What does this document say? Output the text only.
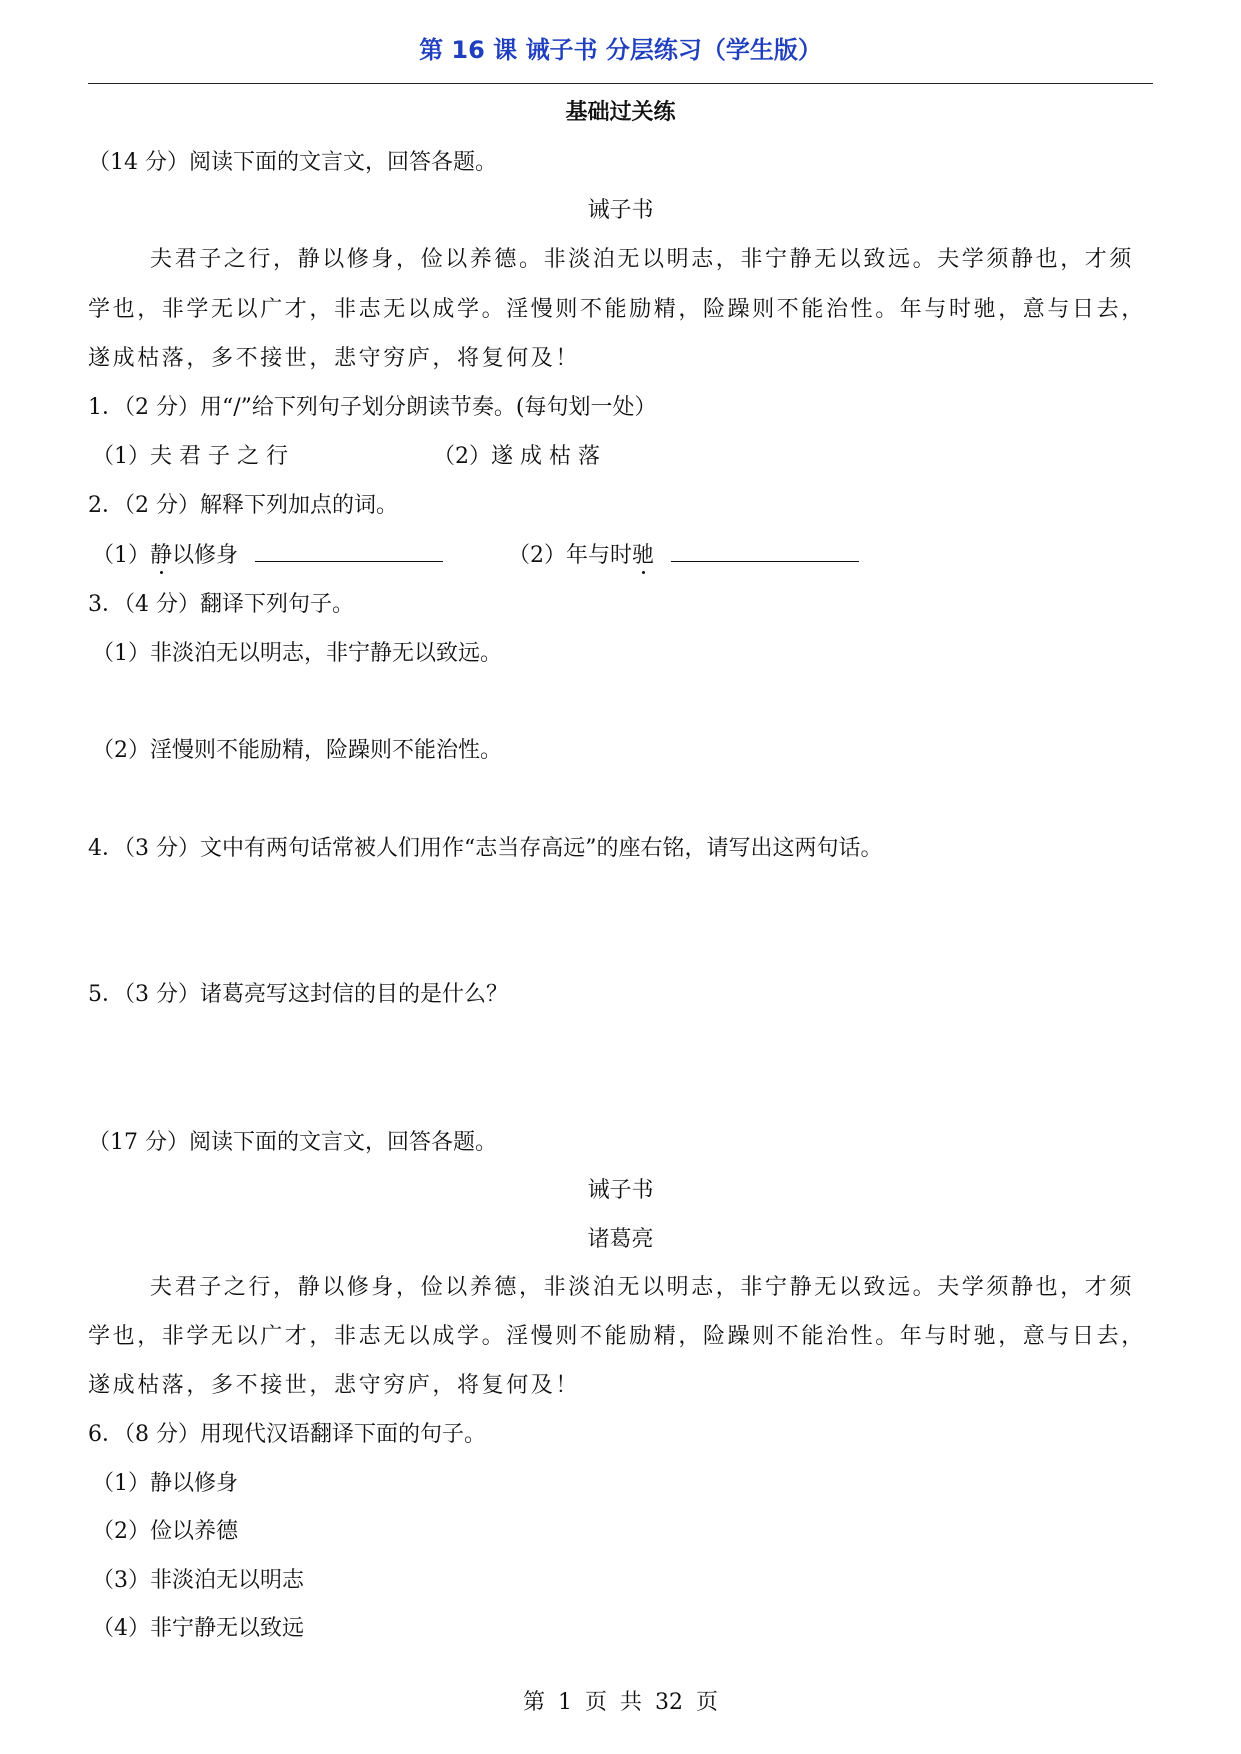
第 16 课 诫子书 分层练习（学生版）
基础过关练
（14 分）阅读下面的文言文，回答各题。
诫子书
夫君子之行，静以修身，俭以养德。非淡泊无以明志，非宁静无以致远。夫学须静也，才须
学也，非学无以广才，非志无以成学。淫慢则不能励精，险躁则不能治性。年与时驰，意与日去，
遂成枯落，多不接世，悲守穷庐，将复何及！
1．（2 分）用“/”给下列句子划分朗读节奏。(每句划一处）
（1）夫 君 子 之 行	（2）遂 成 枯 落
2．（2 分）解释下列加点的词。
（1）静以修身	（2）年与时驰
3．（4 分）翻译下列句子。
（1）非淡泊无以明志，非宁静无以致远。
（2）淫慢则不能励精，险躁则不能治性。
4．（3 分）文中有两句话常被人们用作“志当存高远”的座右铭，请写出这两句话。
5．（3 分）诸葛亮写这封信的目的是什么？
（17 分）阅读下面的文言文，回答各题。
诫子书
诸葛亮
夫君子之行，静以修身，俭以养德，非淡泊无以明志，非宁静无以致远。夫学须静也，才须
学也，非学无以广才，非志无以成学。淫慢则不能励精，险躁则不能治性。年与时驰，意与日去，
遂成枯落，多不接世，悲守穷庐，将复何及！
6．（8 分）用现代汉语翻译下面的句子。
（1）静以修身
（2）俭以养德
（3）非淡泊无以明志
（4）非宁静无以致远
第 1 页 共 32 页
